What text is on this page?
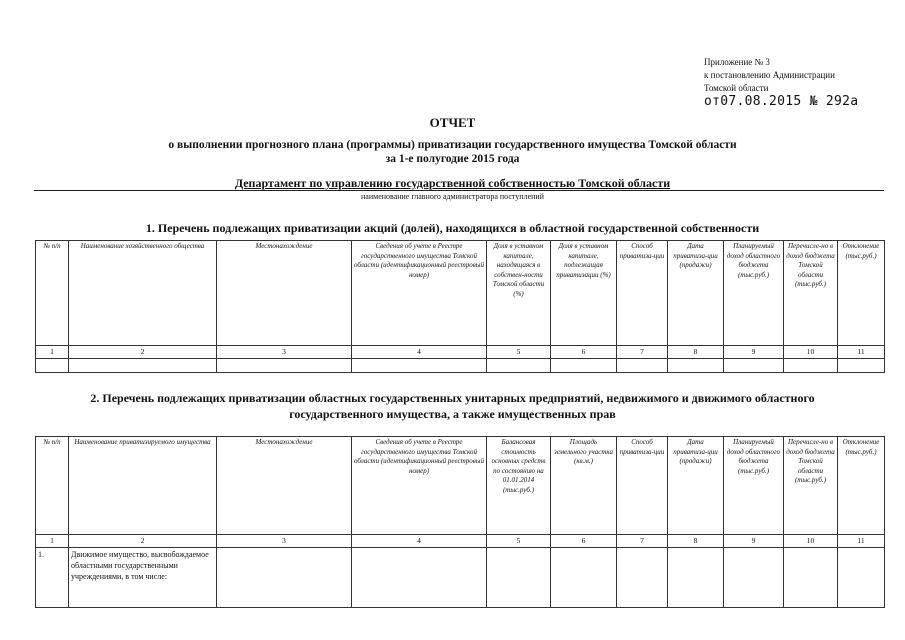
Приложение № 3
к постановлению Администрации
Томской области
от07.08.2015 № 292а
ОТЧЕТ
о выполнении прогнозного плана (программы) приватизации государственного имущества Томской области
за 1-е полугодие 2015 года
Департамент по управлению государственной собственностью Томской области
наименование главного администратора поступлений
1. Перечень подлежащих приватизации акций (долей), находящихся в областной государственной собственности
№ п/п	Наименование хозяйственного общества	Местонахождение	Сведения об учете в Реестре государственного имущества Томской области (идентификационный реестровый номер)	Доля в уставном капитале, находящаяся в собствен-ности Томской области (%)	Доля в уставном капитале, подлежащая приватизации (%)	Способ приватиза-ции	Дата приватиза-ции (продажи)	Планируемый доход областного бюджета (тыс.руб.)	Перечисле-но в доход бюджета Томской области (тыс.руб.)	Отклонение (тыс.руб.)
1	2	3	4	5	6	7	8	9	10	11

2. Перечень подлежащих приватизации областных государственных унитарных предприятий, недвижимого и движимого областного
государственного имущества, а также имущественных прав
№ п/п	Наименование приватизируемого имущества	Местонахождение	Сведения об учете в Реестре государственного имущества Томской области (идентификационный реестровый номер)	Балансовая стоимость основных средств по состоянию на 01.01.2014 (тыс.руб.)	Площадь земельного участка (кв.м.)	Способ приватиза-ции	Дата приватиза-ции (продажи)	Планируемый доход областного бюджета (тыс.руб.)	Перечисле-но в доход бюджета Томской области (тыс.руб.)	Отклонение (тыс.руб.)
1	2	3	4	5	6	7	8	9	10	11
1.	Движимое имущество, высвобождаемое областными государственными учреждениями, в том числе:									
